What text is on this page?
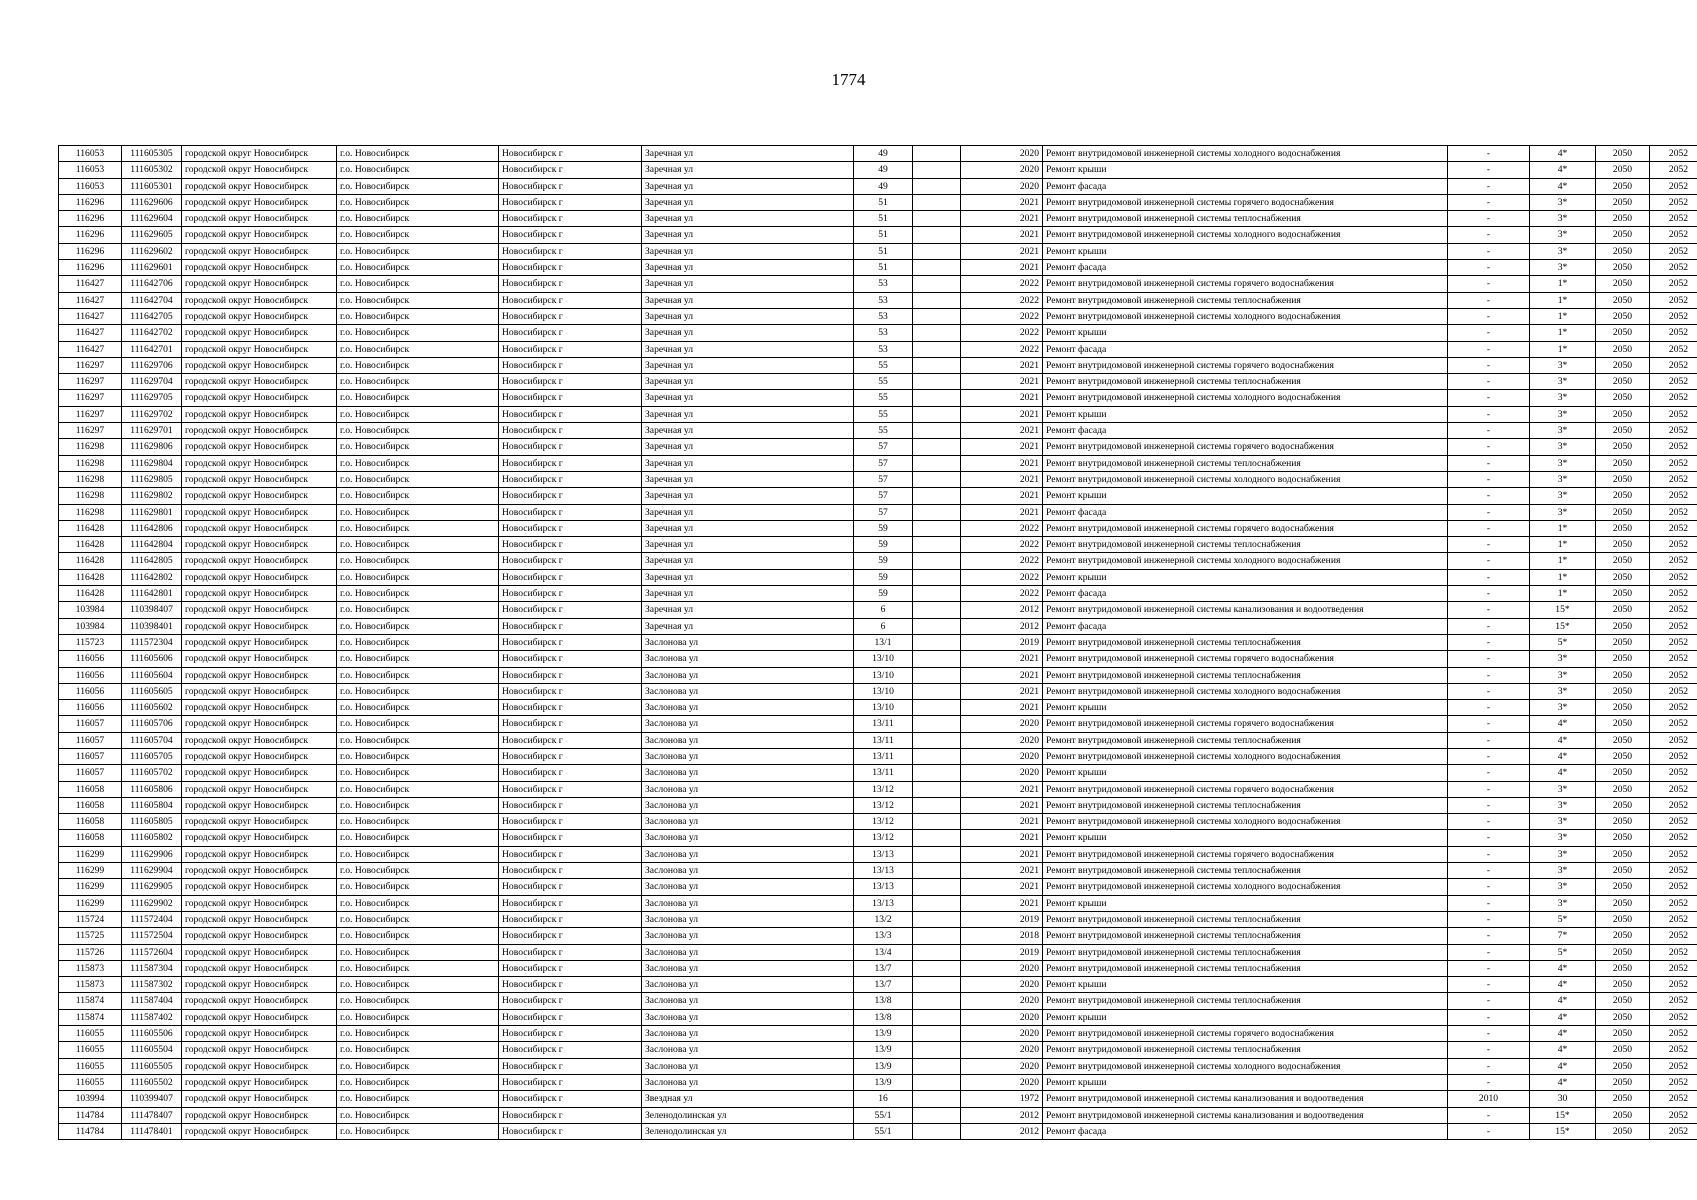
1774
116053	111605305	городской округ Новосибирск	г.о. Новосибирск	Новосибирск г	Заречная ул	49		2020	Ремонт внутридомовой инженерной системы холодного водоснабжения	-	4*	2050	2052
116053	111605302	городской округ Новосибирск	г.о. Новосибирск	Новосибирск г	Заречная ул	49		2020	Ремонт крыши	-	4*	2050	2052
116053	111605301	городской округ Новосибирск	г.о. Новосибирск	Новосибирск г	Заречная ул	49		2020	Ремонт фасада	-	4*	2050	2052
116296	111629606	городской округ Новосибирск	г.о. Новосибирск	Новосибирск г	Заречная ул	51		2021	Ремонт внутридомовой инженерной системы горячего водоснабжения	-	3*	2050	2052
116296	111629604	городской округ Новосибирск	г.о. Новосибирск	Новосибирск г	Заречная ул	51		2021	Ремонт внутридомовой инженерной системы теплоснабжения	-	3*	2050	2052
116296	111629605	городской округ Новосибирск	г.о. Новосибирск	Новосибирск г	Заречная ул	51		2021	Ремонт внутридомовой инженерной системы холодного водоснабжения	-	3*	2050	2052
116296	111629602	городской округ Новосибирск	г.о. Новосибирск	Новосибирск г	Заречная ул	51		2021	Ремонт крыши	-	3*	2050	2052
116296	111629601	городской округ Новосибирск	г.о. Новосибирск	Новосибирск г	Заречная ул	51		2021	Ремонт фасада	-	3*	2050	2052
116427	111642706	городской округ Новосибирск	г.о. Новосибирск	Новосибирск г	Заречная ул	53		2022	Ремонт внутридомовой инженерной системы горячего водоснабжения	-	1*	2050	2052
116427	111642704	городской округ Новосибирск	г.о. Новосибирск	Новосибирск г	Заречная ул	53		2022	Ремонт внутридомовой инженерной системы теплоснабжения	-	1*	2050	2052
116427	111642705	городской округ Новосибирск	г.о. Новосибирск	Новосибирск г	Заречная ул	53		2022	Ремонт внутридомовой инженерной системы холодного водоснабжения	-	1*	2050	2052
116427	111642702	городской округ Новосибирск	г.о. Новосибирск	Новосибирск г	Заречная ул	53		2022	Ремонт крыши	-	1*	2050	2052
116427	111642701	городской округ Новосибирск	г.о. Новосибирск	Новосибирск г	Заречная ул	53		2022	Ремонт фасада	-	1*	2050	2052
116297	111629706	городской округ Новосибирск	г.о. Новосибирск	Новосибирск г	Заречная ул	55		2021	Ремонт внутридомовой инженерной системы горячего водоснабжения	-	3*	2050	2052
116297	111629704	городской округ Новосибирск	г.о. Новосибирск	Новосибирск г	Заречная ул	55		2021	Ремонт внутридомовой инженерной системы теплоснабжения	-	3*	2050	2052
116297	111629705	городской округ Новосибирск	г.о. Новосибирск	Новосибирск г	Заречная ул	55		2021	Ремонт внутридомовой инженерной системы холодного водоснабжения	-	3*	2050	2052
116297	111629702	городской округ Новосибирск	г.о. Новосибирск	Новосибирск г	Заречная ул	55		2021	Ремонт крыши	-	3*	2050	2052
116297	111629701	городской округ Новосибирск	г.о. Новосибирск	Новосибирск г	Заречная ул	55		2021	Ремонт фасада	-	3*	2050	2052
116298	111629806	городской округ Новосибирск	г.о. Новосибирск	Новосибирск г	Заречная ул	57		2021	Ремонт внутридомовой инженерной системы горячего водоснабжения	-	3*	2050	2052
116298	111629804	городской округ Новосибирск	г.о. Новосибирск	Новосибирск г	Заречная ул	57		2021	Ремонт внутридомовой инженерной системы теплоснабжения	-	3*	2050	2052
116298	111629805	городской округ Новосибирск	г.о. Новосибирск	Новосибирск г	Заречная ул	57		2021	Ремонт внутридомовой инженерной системы холодного водоснабжения	-	3*	2050	2052
116298	111629802	городской округ Новосибирск	г.о. Новосибирск	Новосибирск г	Заречная ул	57		2021	Ремонт крыши	-	3*	2050	2052
116298	111629801	городской округ Новосибирск	г.о. Новосибирск	Новосибирск г	Заречная ул	57		2021	Ремонт фасада	-	3*	2050	2052
116428	111642806	городской округ Новосибирск	г.о. Новосибирск	Новосибирск г	Заречная ул	59		2022	Ремонт внутридомовой инженерной системы горячего водоснабжения	-	1*	2050	2052
116428	111642804	городской округ Новосибирск	г.о. Новосибирск	Новосибирск г	Заречная ул	59		2022	Ремонт внутридомовой инженерной системы теплоснабжения	-	1*	2050	2052
116428	111642805	городской округ Новосибирск	г.о. Новосибирск	Новосибирск г	Заречная ул	59		2022	Ремонт внутридомовой инженерной системы холодного водоснабжения	-	1*	2050	2052
116428	111642802	городской округ Новосибирск	г.о. Новосибирск	Новосибирск г	Заречная ул	59		2022	Ремонт крыши	-	1*	2050	2052
116428	111642801	городской округ Новосибирск	г.о. Новосибирск	Новосибирск г	Заречная ул	59		2022	Ремонт фасада	-	1*	2050	2052
103984	110398407	городской округ Новосибирск	г.о. Новосибирск	Новосибирск г	Заречная ул	6		2012	Ремонт внутридомовой инженерной системы канализования и водоотведения	-	15*	2050	2052
103984	110398401	городской округ Новосибирск	г.о. Новосибирск	Новосибирск г	Заречная ул	6		2012	Ремонт фасада	-	15*	2050	2052
115723	111572304	городской округ Новосибирск	г.о. Новосибирск	Новосибирск г	Заслонова ул	13/1		2019	Ремонт внутридомовой инженерной системы теплоснабжения	-	5*	2050	2052
116056	111605606	городской округ Новосибирск	г.о. Новосибирск	Новосибирск г	Заслонова ул	13/10		2021	Ремонт внутридомовой инженерной системы горячего водоснабжения	-	3*	2050	2052
116056	111605604	городской округ Новосибирск	г.о. Новосибирск	Новосибирск г	Заслонова ул	13/10		2021	Ремонт внутридомовой инженерной системы теплоснабжения	-	3*	2050	2052
116056	111605605	городской округ Новосибирск	г.о. Новосибирск	Новосибирск г	Заслонова ул	13/10		2021	Ремонт внутридомовой инженерной системы холодного водоснабжения	-	3*	2050	2052
116056	111605602	городской округ Новосибирск	г.о. Новосибирск	Новосибирск г	Заслонова ул	13/10		2021	Ремонт крыши	-	3*	2050	2052
116057	111605706	городской округ Новосибирск	г.о. Новосибирск	Новосибирск г	Заслонова ул	13/11		2020	Ремонт внутридомовой инженерной системы горячего водоснабжения	-	4*	2050	2052
116057	111605704	городской округ Новосибирск	г.о. Новосибирск	Новосибирск г	Заслонова ул	13/11		2020	Ремонт внутридомовой инженерной системы теплоснабжения	-	4*	2050	2052
116057	111605705	городской округ Новосибирск	г.о. Новосибирск	Новосибирск г	Заслонова ул	13/11		2020	Ремонт внутридомовой инженерной системы холодного водоснабжения	-	4*	2050	2052
116057	111605702	городской округ Новосибирск	г.о. Новосибирск	Новосибирск г	Заслонова ул	13/11		2020	Ремонт крыши	-	4*	2050	2052
116058	111605806	городской округ Новосибирск	г.о. Новосибирск	Новосибирск г	Заслонова ул	13/12		2021	Ремонт внутридомовой инженерной системы горячего водоснабжения	-	3*	2050	2052
116058	111605804	городской округ Новосибирск	г.о. Новосибирск	Новосибирск г	Заслонова ул	13/12		2021	Ремонт внутридомовой инженерной системы теплоснабжения	-	3*	2050	2052
116058	111605805	городской округ Новосибирск	г.о. Новосибирск	Новосибирск г	Заслонова ул	13/12		2021	Ремонт внутридомовой инженерной системы холодного водоснабжения	-	3*	2050	2052
116058	111605802	городской округ Новосибирск	г.о. Новосибирск	Новосибирск г	Заслонова ул	13/12		2021	Ремонт крыши	-	3*	2050	2052
116299	111629906	городской округ Новосибирск	г.о. Новосибирск	Новосибирск г	Заслонова ул	13/13		2021	Ремонт внутридомовой инженерной системы горячего водоснабжения	-	3*	2050	2052
116299	111629904	городской округ Новосибирск	г.о. Новосибирск	Новосибирск г	Заслонова ул	13/13		2021	Ремонт внутридомовой инженерной системы теплоснабжения	-	3*	2050	2052
116299	111629905	городской округ Новосибирск	г.о. Новосибирск	Новосибирск г	Заслонова ул	13/13		2021	Ремонт внутридомовой инженерной системы холодного водоснабжения	-	3*	2050	2052
116299	111629902	городской округ Новосибирск	г.о. Новосибирск	Новосибирск г	Заслонова ул	13/13		2021	Ремонт крыши	-	3*	2050	2052
115724	111572404	городской округ Новосибирск	г.о. Новосибирск	Новосибирск г	Заслонова ул	13/2		2019	Ремонт внутридомовой инженерной системы теплоснабжения	-	5*	2050	2052
115725	111572504	городской округ Новосибирск	г.о. Новосибирск	Новосибирск г	Заслонова ул	13/3		2018	Ремонт внутридомовой инженерной системы теплоснабжения	-	7*	2050	2052
115726	111572604	городской округ Новосибирск	г.о. Новосибирск	Новосибирск г	Заслонова ул	13/4		2019	Ремонт внутридомовой инженерной системы теплоснабжения	-	5*	2050	2052
115873	111587304	городской округ Новосибирск	г.о. Новосибирск	Новосибирск г	Заслонова ул	13/7		2020	Ремонт внутридомовой инженерной системы теплоснабжения	-	4*	2050	2052
115873	111587302	городской округ Новосибирск	г.о. Новосибирск	Новосибирск г	Заслонова ул	13/7		2020	Ремонт крыши	-	4*	2050	2052
115874	111587404	городской округ Новосибирск	г.о. Новосибирск	Новосибирск г	Заслонова ул	13/8		2020	Ремонт внутридомовой инженерной системы теплоснабжения	-	4*	2050	2052
115874	111587402	городской округ Новосибирск	г.о. Новосибирск	Новосибирск г	Заслонова ул	13/8		2020	Ремонт крыши	-	4*	2050	2052
116055	111605506	городской округ Новосибирск	г.о. Новосибирск	Новосибирск г	Заслонова ул	13/9		2020	Ремонт внутридомовой инженерной системы горячего водоснабжения	-	4*	2050	2052
116055	111605504	городской округ Новосибирск	г.о. Новосибирск	Новосибирск г	Заслонова ул	13/9		2020	Ремонт внутридомовой инженерной системы теплоснабжения	-	4*	2050	2052
116055	111605505	городской округ Новосибирск	г.о. Новосибирск	Новосибирск г	Заслонова ул	13/9		2020	Ремонт внутридомовой инженерной системы холодного водоснабжения	-	4*	2050	2052
116055	111605502	городской округ Новосибирск	г.о. Новосибирск	Новосибирск г	Заслонова ул	13/9		2020	Ремонт крыши	-	4*	2050	2052
103994	110399407	городской округ Новосибирск	г.о. Новосибирск	Новосибирск г	Звездная ул	16		1972	Ремонт внутридомовой инженерной системы канализования и водоотведения	2010	30	2050	2052
114784	111478407	городской округ Новосибирск	г.о. Новосибирск	Новосибирск г	Зеленодолинская ул	55/1		2012	Ремонт внутридомовой инженерной системы канализования и водоотведения	-	15*	2050	2052
114784	111478401	городской округ Новосибирск	г.о. Новосибирск	Новосибирск г	Зеленодолинская ул	55/1		2012	Ремонт фасада	-	15*	2050	2052
